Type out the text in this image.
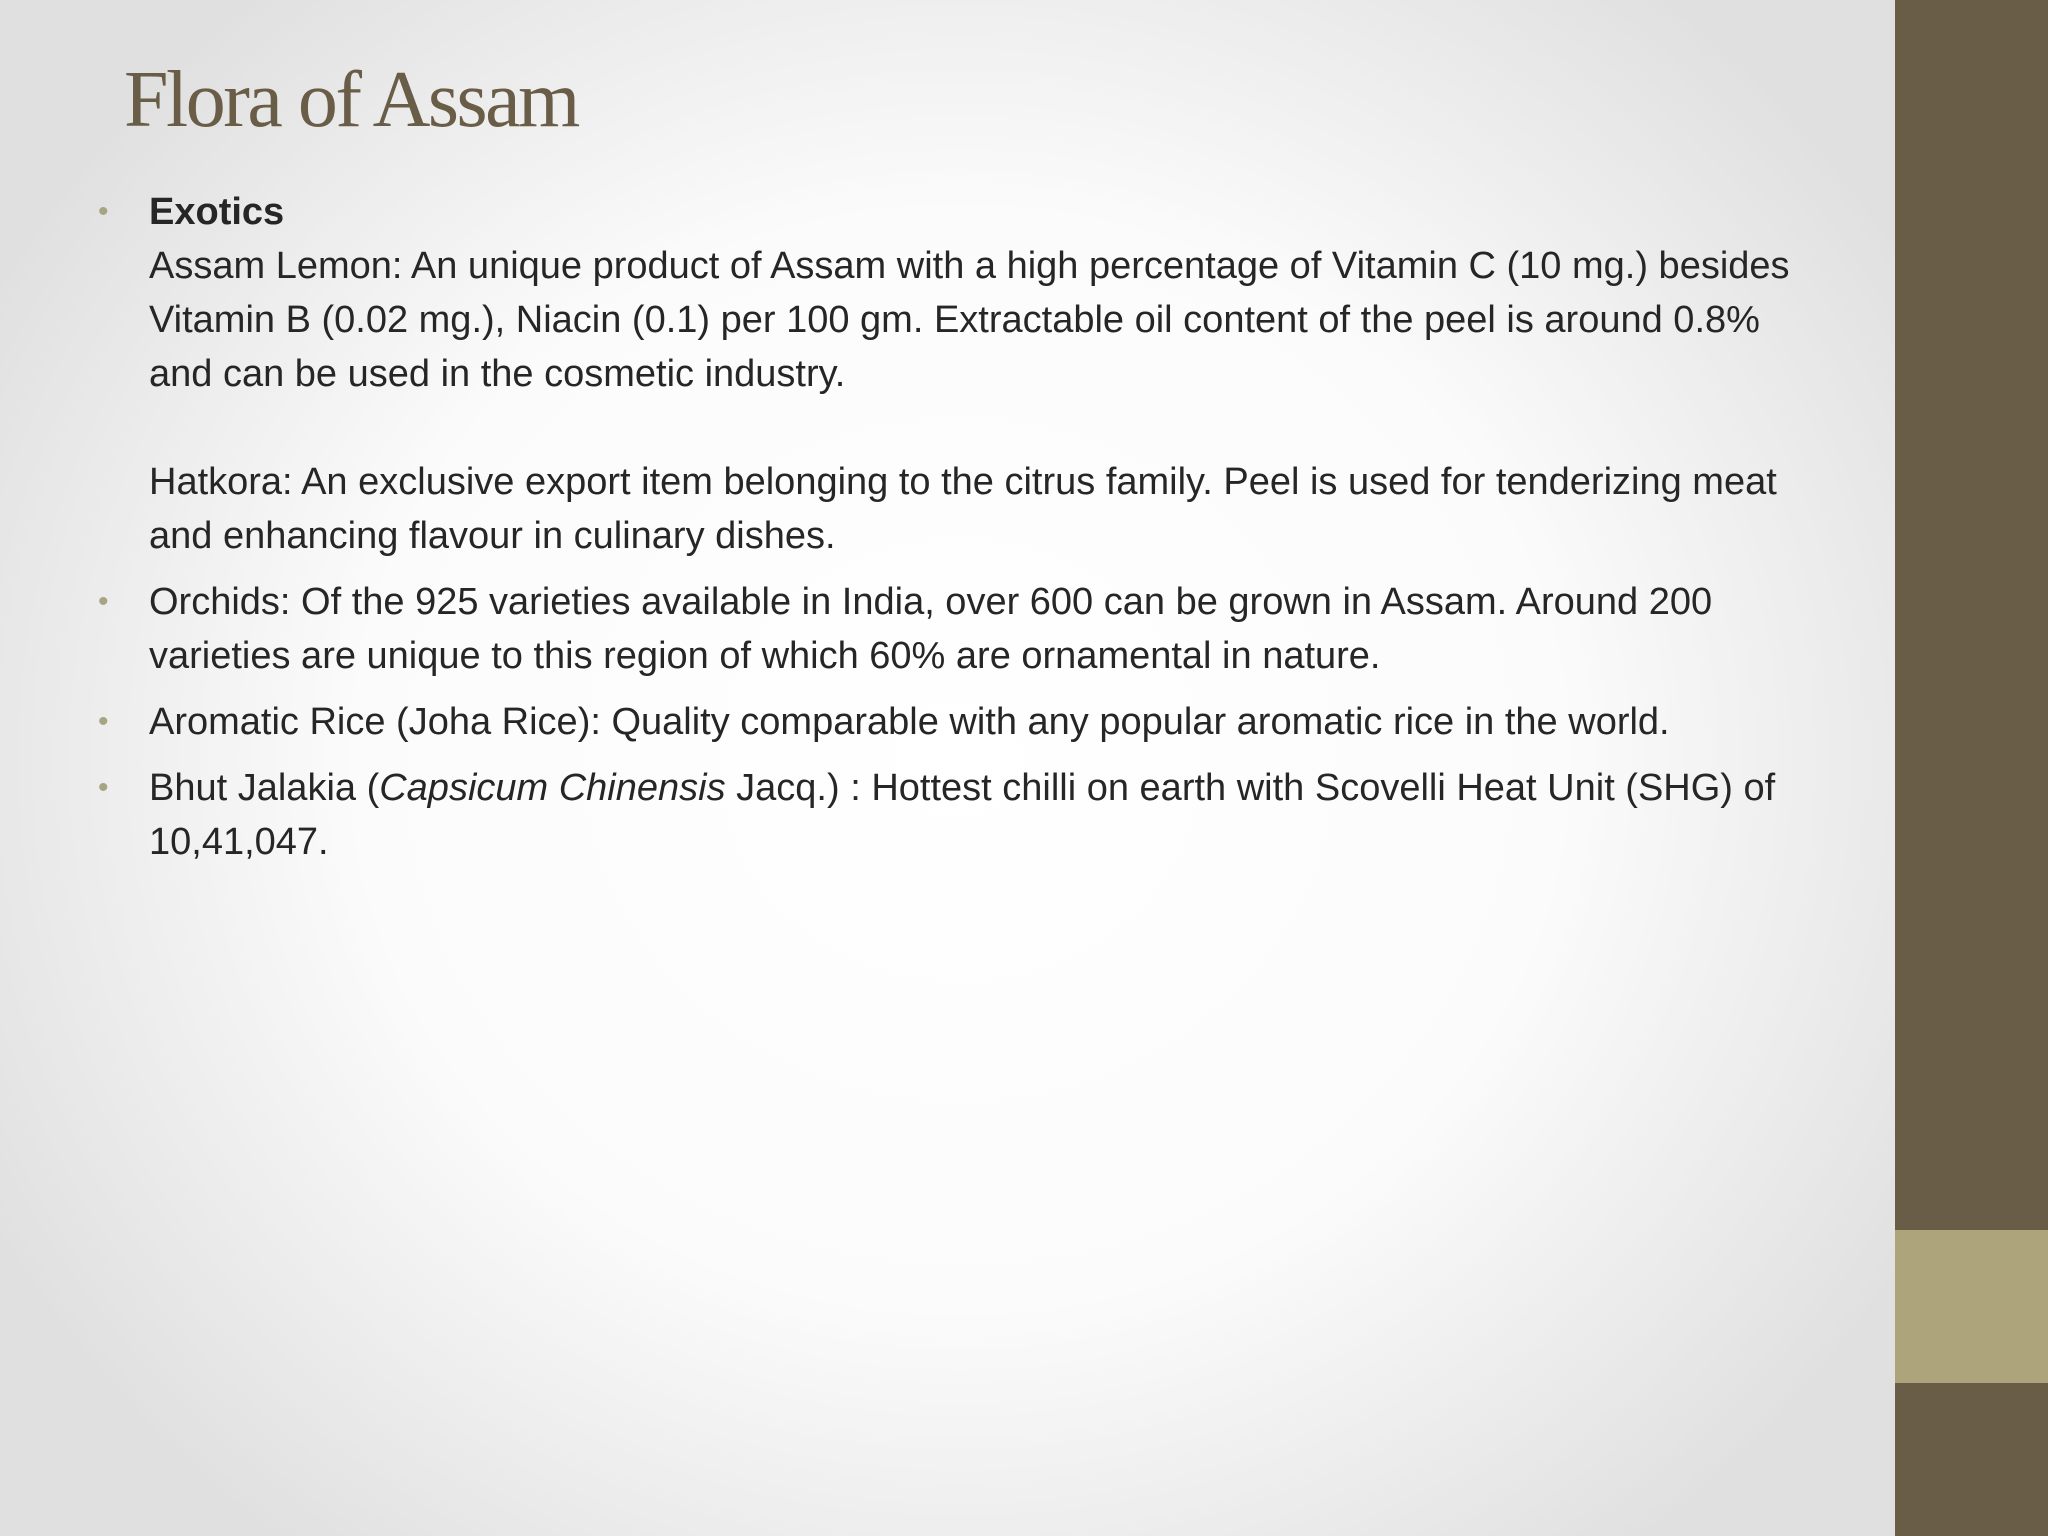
Flora of Assam
• Exotics
Assam Lemon: An unique product of Assam with a high percentage of Vitamin C (10 mg.) besides Vitamin B (0.02 mg.), Niacin (0.1) per 100 gm. Extractable oil content of the peel is around 0.8% and can be used in the cosmetic industry.
Hatkora: An exclusive export item belonging to the citrus family. Peel is used for tenderizing meat and enhancing flavour in culinary dishes.
• Orchids: Of the 925 varieties available in India, over 600 can be grown in Assam. Around 200 varieties are unique to this region of which 60% are ornamental in nature.
• Aromatic Rice (Joha Rice): Quality comparable with any popular aromatic rice in the world.
• Bhut Jalakia (Capsicum Chinensis Jacq.) : Hottest chilli on earth with Scovelli Heat Unit (SHG) of 10,41,047.
